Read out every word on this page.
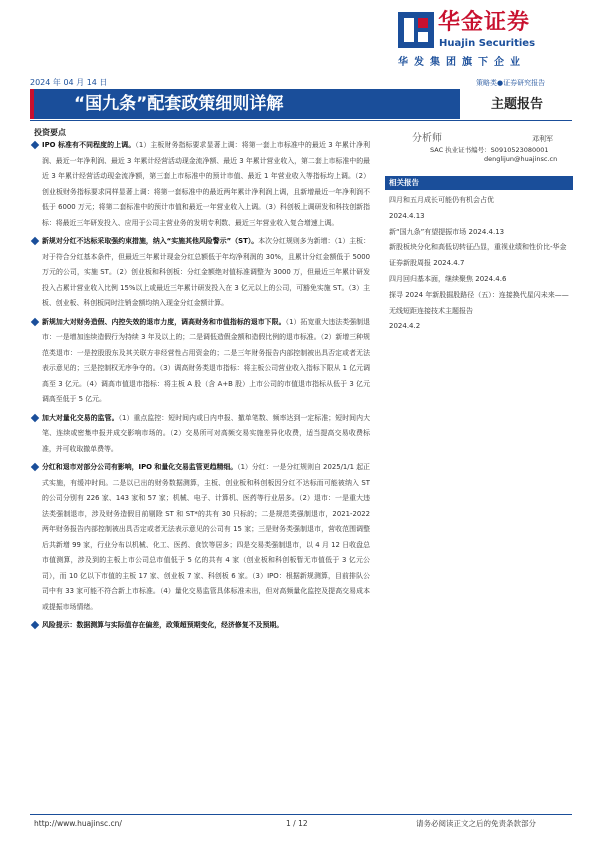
华金证券
Huajin Securities
华发集团旗下企业
2024 年 04 月 14 日	策略类●证券研究报告
“国九条”配套政策细则详解	主题报告
投资要点
IPO 标准有不同程度的上调。（1）主板财务指标要求显著上调：将第一套上市标准中的最近 3 年累计净利润、最近一年净利润、最近 3 年累计经营活动现金流净额、最近 3 年累计营业收入，第二套上市标准中的最近 3 年累计经营活动现金流净额，第三套上市标准中的预计市值、最近 1 年营业收入等指标均上调。（2）创业板财务指标要求同样显著上调：将第一套标准中的最近两年累计净利润上调，且新增最近一年净利润不低于 6000 万元；将第二套标准中的预计市值和最近一年营业收入上调。（3）科创板上调研发和科技创新指标：将最近三年研发投入、应用于公司主营业务的发明专利数、最近三年营业收入复合增速上调。
新规对分红不达标采取强约束措施，纳入“实施其他风险警示”（ST）。本次分红规则多为新增：（1）主板：对于符合分红基本条件，但最近三年累计现金分红总额低于年均净利润的 30%，且累计分红金额低于 5000 万元的公司，实施 ST。（2）创业板和科创板：分红金额绝对值标准调整为 3000 万，但最近三年累计研发投入占累计营业收入比例 15%以上或最近三年累计研发投入在 3 亿元以上的公司，可豁免实施 ST。（3）主板、创业板、科创板同时注销金额均纳入现金分红金额计算。
新规加大对财务造假、内控失效的退市力度，调高财务和市值指标的退市下限。（1）拓宽重大违法类强制退市：一是增加连续造假行为持续 3 年及以上的；二是调低造假金额和造假比例的退市标准。（2）新增三种规范类退市：一是控股股东及其关联方非经营性占用资金的；二是三年财务报告内部控制被出具否定或者无法表示意见的；三是控制权无序争夺的。（3）调高财务类退市指标：将主板公司营业收入指标下限从 1 亿元调高至 3 亿元。（4）调高市值退市指标：将主板 A 股（含 A+B 股）上市公司的市值退市指标从低于 3 亿元调高至低于 5 亿元。
加大对量化交易的监管。（1）重点监控：短时间内或日内申报、撤单笔数、频率达到一定标准；短时间内大笔、连续或密集申报并成交影响市场的。（2）交易所可对高频交易实施差异化收费，适当提高交易收费标准，并可收取撤单费等。
分红和退市对部分公司有影响，IPO 和量化交易监管更趋精细。（1）分红：一是分红规则自 2025/1/1 起正式实施，有缓冲时间。二是以已出的财务数据测算，主板、创业板和科创板因分红不达标而可能被纳入 ST 的公司分别有 226 家、143 家和 57 家；机械、电子、计算机、医药等行业居多。（2）退市：一是重大违法类强制退市，涉及财务造假目前剔除 ST 和 ST*的共有 30 只标的；二是规范类强制退市，2021-2022 两年财务报告内部控制被出具否定或者无法表示意见的公司有 15 家；三是财务类强制退市，营收范围调整后共新增 99 家，行业分布以机械、化工、医药、食饮等居多；四是交易类强制退市，以 4 月 12 日收盘总市值测算，涉及到的主板上市公司总市值低于 5 亿的共有 4 家（创业板和科创板暂无市值低于 3 亿元公司），而 10 亿以下市值的主板 17 家、创业板 7 家、科创板 6 家。（3）IPO：根据新规测算，目前排队公司中有 33 家可能不符合新上市标准。（4）量化交易监管具体标准未出，但对高频量化监控及提高交易成本或提振市场情绪。
风险提示：数据测算与实际值存在偏差，政策超预期变化，经济修复不及预期。
分析师	邓利军
SAC 执业证书编号：S0910523080001
denglijun@huajinsc.cn
相关报告
四月和五月成长可能仍有机会占优
2024.4.13
新“国九条”有望提振市场 2024.4.13
新股板块分化和高低切转征凸显，重视业绩和性价比-华金证券新股周报 2024.4.7
四月回归基本面，继续聚焦 2024.4.6
探寻 2024 年新股掘股路径（五）：连接换代星闪未来——无线短距连接技术主题报告
2024.4.2
http://www.huajinsc.cn/	1 / 12	请务必阅读正文之后的免责条款部分
